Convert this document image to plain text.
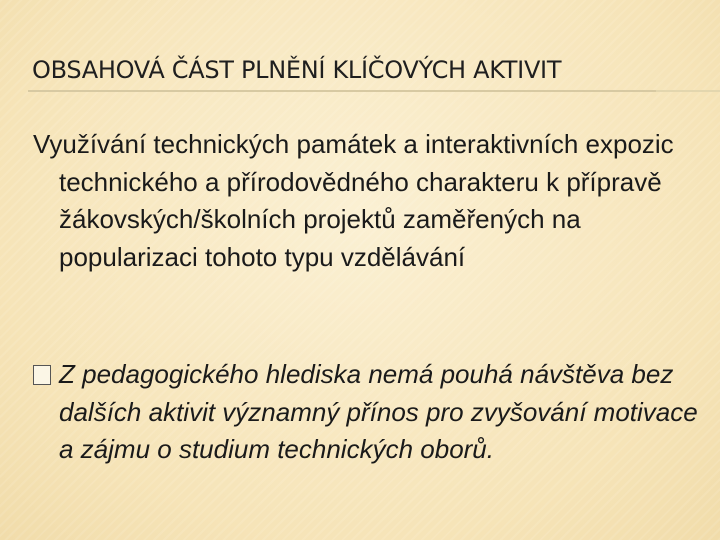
OBSAHOVÁ ČÁST PLNĚNÍ KLÍČOVÝCH AKTIVIT
Využívání technických památek a interaktivních expozic technického a přírodovědného charakteru k přípravě žákovských/školních projektů zaměřených na popularizaci tohoto typu vzdělávání
Z pedagogického hlediska nemá pouhá návštěva bez dalších aktivit významný přínos pro zvyšování motivace a zájmu o studium technických oborů.
